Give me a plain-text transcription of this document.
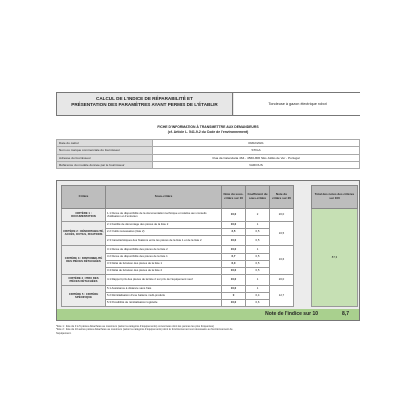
CALCUL DE L'INDICE DE RÉPARABILITÉ ET
PRÉSENTATION DES PARAMÈTRES AYANT PERMIS DE L'ÉTABLIR	Tondeuse à gazon électrique robot
FICHE D'INFORMATION À TRANSMETTRE AUX DEMANDEURS
(cf. Article L. 541-9-2 du Code de l'environnement)
Date du calcul	09/02/2021
Nom ou marque commerciale du fournisseur	STIGA
Adresse du fournisseur	Rua da Calendaria 464 - 4560-806 São Julião de Ver - Portugal
Référence du modèle donnée par le fournisseur	VARIOUS
Critère	Sous-critère	Note du sous-critère sur 10	Coefficient du sous-critère	Note du critère sur 20		Total des notes des critères sur 100
CRITÈRE 1 : DOCUMENTATION	1.1 Durée de disponibilité de la documentation technique et relative aux conseils d'utilisation et d'entretien	10,0	2	20,0		87,3
CRITÈRE 2 : DÉMONTABILITÉ, ACCÈS, OUTILS, FIXATIONS	2.1 Facilité de démontage des pièces de la liste 2	10,0	1	16,5		
	2.2 Outils nécessaires (liste 2)	2,5	0,5			
	2.3 Caractéristiques des fixations entre les pièces de la liste 1 et de la liste 2	10,0	0,5			
CRITÈRE 3 : DISPONIBILITÉ DES PIÈCES DÉTACHÉES	3.1 Durée de disponibilité des pièces de la liste 2	10,0	1	16,6		
	3.2 Durée de disponibilité des pièces de la liste 1	6,7	0,5			
	3.3 Délai de livraison des pièces de la liste 1	6,0	0,5			
	3.4 Délai de livraison des pièces de la liste 2	10,0	0,5			
CRITÈRE 4 : PRIX DES PIÈCES DÉTACHÉES	4.1 Rapport prix des pièces de la liste 2 sur prix de l'équipement neuf	10,0	1	20,0		
CRITÈRE 5 : CRITÈRE SPÉCIFIQUE	5.1 Assistance à distance sans frais	10,0	1	12,7		
	5.2 Réinitialisation d'une batterie multi-produits	0	0,4			
	5.3 Possibilité de réinitialisation logicielle	10,0	0,6			
Note de l'indice sur 10	8,7
*liste 1 : liste de 3 à 5 pièces détachées au maximum (selon la catégorie d'équipements) concernées dont les pannes les plus fréquentes)
*liste 2 : liste de 10 autres pièces détachées au maximum (selon la catégorie d'équipements) dont le fonctionnement est nécessaire au fonctionnement de
l'équipement.
